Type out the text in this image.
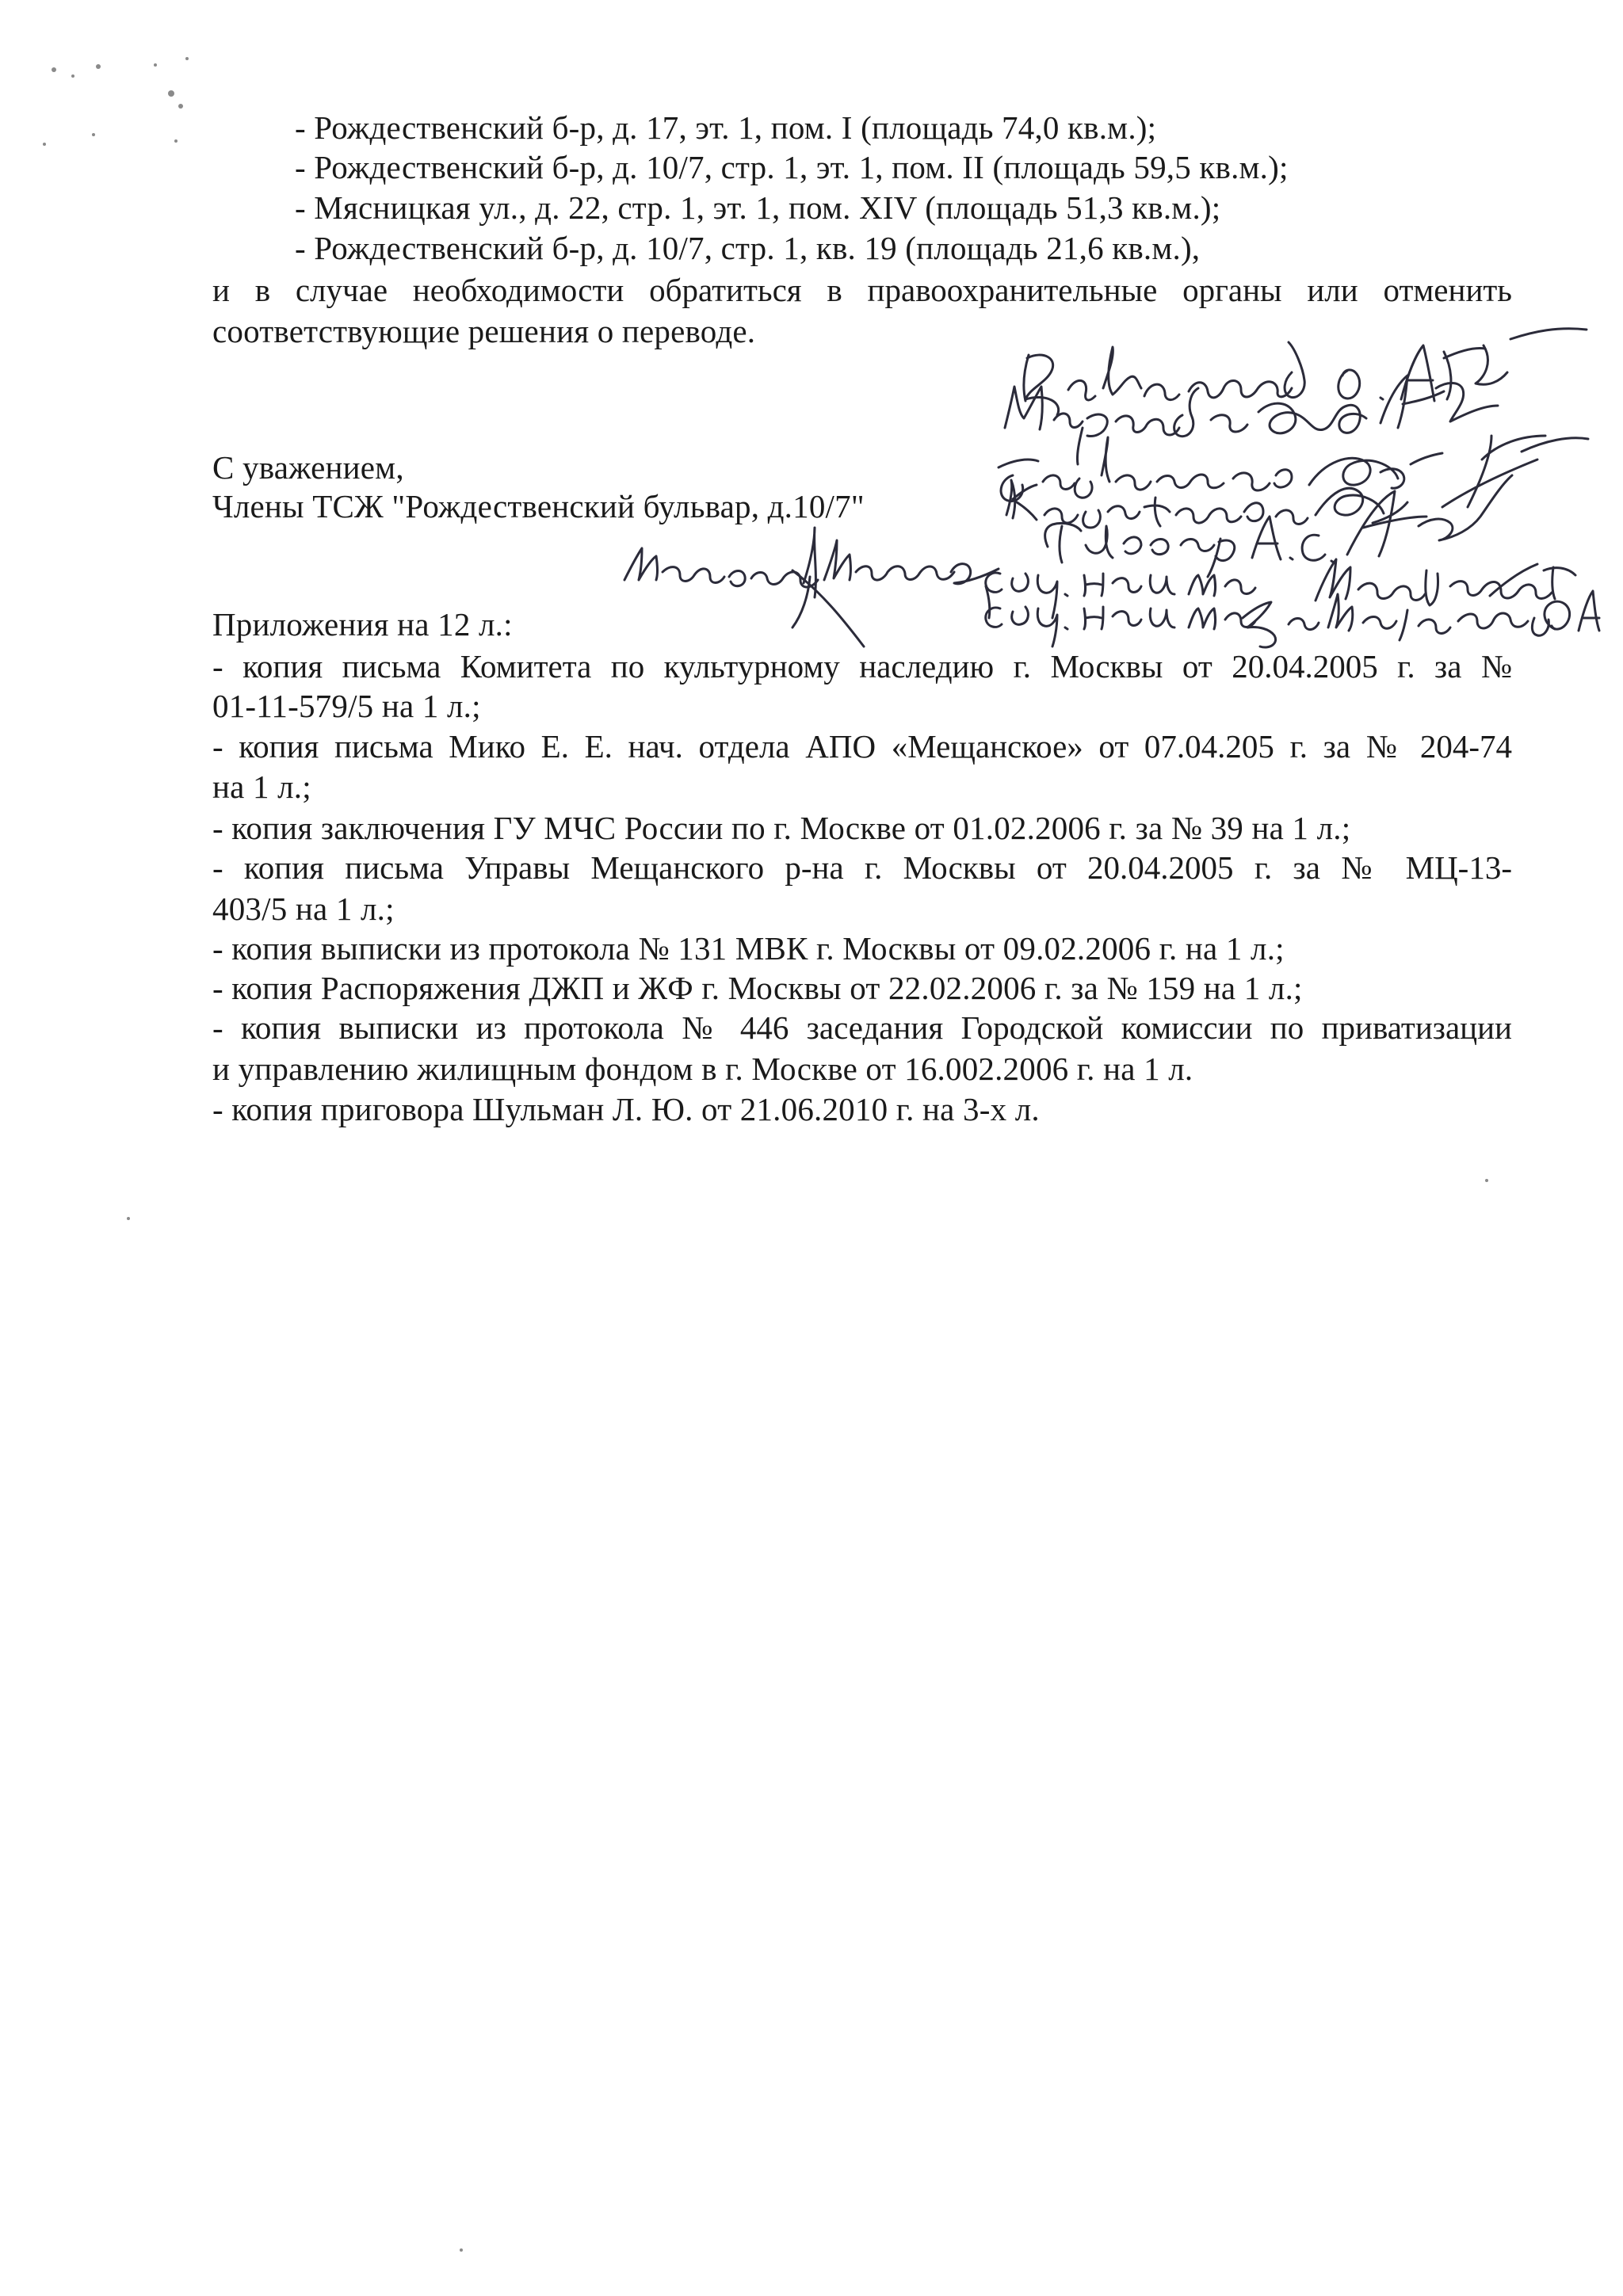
- Рождественский б-р, д. 17, эт. 1, пом. I (площадь 74,0 кв.м.);
- Рождественский б-р, д. 10/7, стр. 1, эт. 1, пом. II (площадь 59,5 кв.м.);
- Мясницкая ул., д. 22, стр. 1, эт. 1, пом. XIV (площадь 51,3 кв.м.);
- Рождественский б-р, д. 10/7, стр. 1, кв. 19 (площадь 21,6 кв.м.),
и в случае необходимости обратиться в правоохранительные органы или отменить
соответствующие решения о переводе.
С уважением,
Члены ТСЖ "Рождественский бульвар, д.10/7"
Приложения на 12 л.:
- копия письма Комитета по культурному наследию г. Москвы от 20.04.2005 г. за №
01-11-579/5 на 1 л.;
- копия письма Мико Е. Е. нач. отдела АПО «Мещанское» от 07.04.205 г. за № 204-74
на 1 л.;
- копия заключения ГУ МЧС России по г. Москве от 01.02.2006 г. за № 39 на 1 л.;
- копия письма Управы Мещанского р-на г. Москвы от 20.04.2005 г. за № МЦ-13-
403/5 на 1 л.;
- копия выписки из протокола № 131 МВК г. Москвы от 09.02.2006 г. на 1 л.;
- копия Распоряжения ДЖП и ЖФ г. Москвы от 22.02.2006 г. за № 159 на 1 л.;
- копия выписки из протокола № 446 заседания Городской комиссии по приватизации
и управлению жилищным фондом в г. Москве от 16.002.2006 г. на 1 л.
- копия приговора Шульман Л. Ю. от 21.06.2010 г. на 3-х л.
